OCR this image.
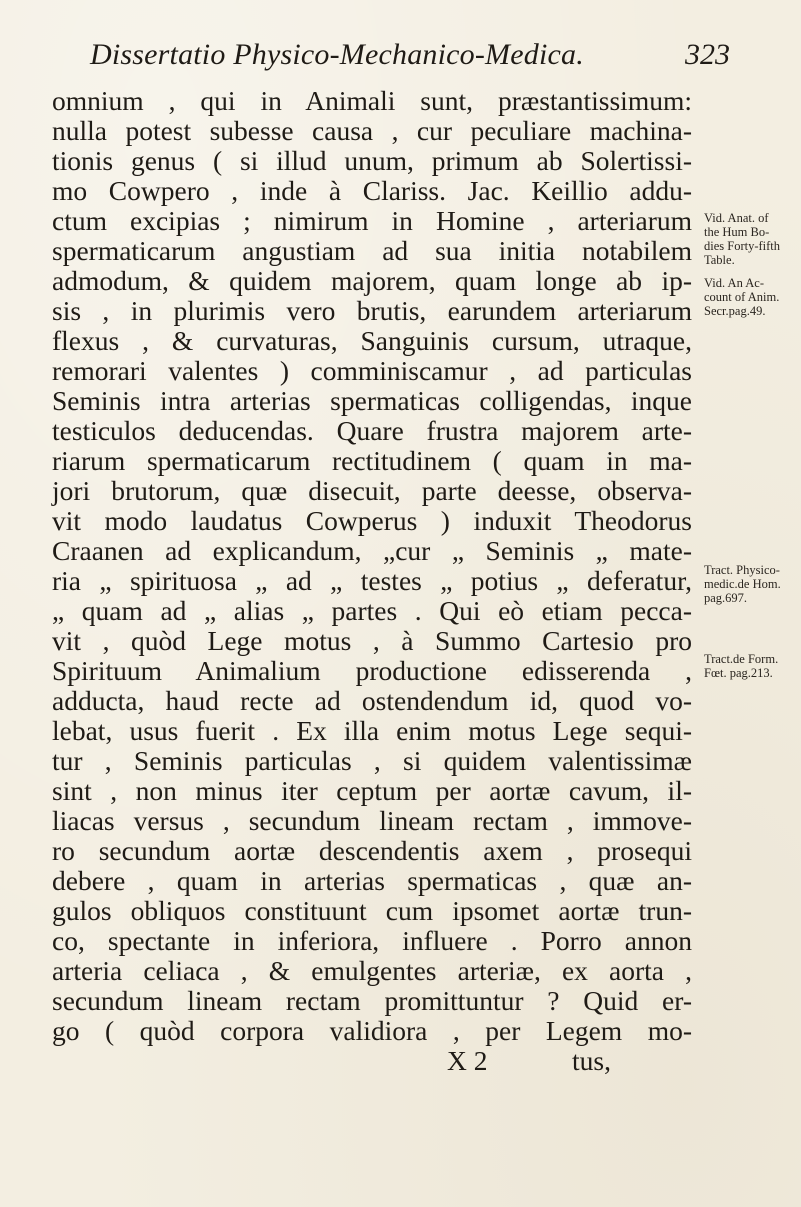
Dissertatio Physico-Mechanico-Medica.	323
omnium , qui in Animali sunt, præstantissimum:
nulla potest subesse causa , cur peculiare machina-
tionis genus ( si illud unum, primum ab Solertissi-
mo Cowpero , inde à Clariss. Jac. Keillio addu-
ctum excipias ; nimirum in Homine , arteriarum
spermaticarum angustiam ad sua initia notabilem
admodum, & quidem majorem, quam longe ab ip-
sis , in plurimis vero brutis, earundem arteriarum
flexus , & curvaturas, Sanguinis cursum, utraque,
remorari valentes ) comminiscamur , ad particulas
Seminis intra arterias spermaticas colligendas, inque
testiculos deducendas. Quare frustra majorem arte-
riarum spermaticarum rectitudinem ( quam in ma-
jori brutorum, quæ disecuit, parte deesse, observa-
vit modo laudatus Cowperus ) induxit Theodorus
Craanen ad explicandum, „cur „ Seminis „ mate-
ria „ spirituosa „ ad „ testes „ potius „ deferatur,
„ quam ad „ alias „ partes . Qui eò etiam pecca-
vit , quòd Lege motus , à Summo Cartesio pro
Spirituum Animalium productione edisserenda ,
adducta, haud recte ad ostendendum id, quod vo-
lebat, usus fuerit . Ex illa enim motus Lege sequi-
tur , Seminis particulas , si quidem valentissimæ
sint , non minus iter ceptum per aortæ cavum, il-
liacas versus , secundum lineam rectam , immove-
ro secundum aortæ descendentis axem , prosequi
debere , quam in arterias spermaticas , quæ an-
gulos obliquos constituunt cum ipsomet aortæ trun-
co, spectante in inferiora, influere . Porro annon
arteria celiaca , & emulgentes arteriæ, ex aorta ,
secundum lineam rectam promittuntur ? Quid er-
go ( quòd corpora validiora , per Legem mo-
X 2	tus,
Vid. Anat. of
the Hum Bo-
dies Forty-fifth
Table.
Vid. An Ac-
count of Anim.
Secr.pag.49.
Tract. Physico-
medic.de Hom.
pag.697.
Tract.de Form.
Fœt. pag.213.
